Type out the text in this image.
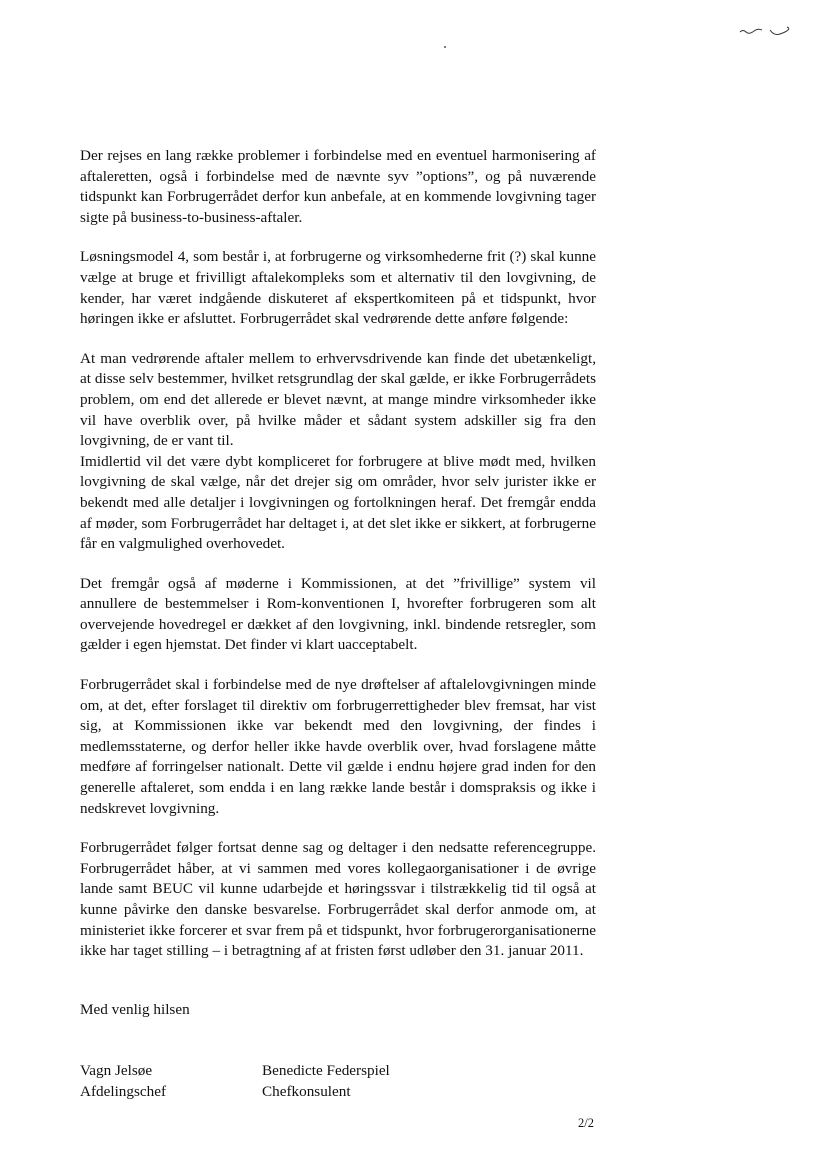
Der rejses en lang række problemer i forbindelse med en eventuel harmonisering af aftaleretten, også i forbindelse med de nævnte syv ”options”, og på nuværende tidspunkt kan Forbrugerrådet derfor kun anbefale, at en kommende lovgivning tager sigte på business-to-business-aftaler.

Løsningsmodel 4, som består i, at forbrugerne og virksomhederne frit (?) skal kunne vælge at bruge et frivilligt aftalekompleks som et alternativ til den lovgivning, de kender, har været indgående diskuteret af ekspertkomiteen på et tidspunkt, hvor høringen ikke er afsluttet. Forbrugerrådet skal vedrørende dette anføre følgende:

At man vedrørende aftaler mellem to erhvervsdrivende kan finde det ubetænkeligt, at disse selv bestemmer, hvilket retsgrundlag der skal gælde, er ikke Forbrugerrådets problem, om end det allerede er blevet nævnt, at mange mindre virksomheder ikke vil have overblik over, på hvilke måder et sådant system adskiller sig fra den lovgivning, de er vant til.

Imidlertid vil det være dybt kompliceret for forbrugere at blive mødt med, hvilken lovgivning de skal vælge, når det drejer sig om områder, hvor selv jurister ikke er bekendt med alle detaljer i lovgivningen og fortolkningen heraf. Det fremgår endda af møder, som Forbrugerrådet har deltaget i, at det slet ikke er sikkert, at forbrugerne får en valgmulighed overhovedet.

Det fremgår også af møderne i Kommissionen, at det ”frivillige” system vil annullere de bestemmelser i Rom-konventionen I, hvorefter forbrugeren som alt overvejende hovedregel er dækket af den lovgivning, inkl. bindende retsregler, som gælder i egen hjemstat. Det finder vi klart uacceptabelt.

Forbrugerrådet skal i forbindelse med de nye drøftelser af aftalelovgivningen minde om, at det, efter forslaget til direktiv om forbrugerrettigheder blev fremsat, har vist sig, at Kommissionen ikke var bekendt med den lovgivning, der findes i medlemsstaterne, og derfor heller ikke havde overblik over, hvad forslagene måtte medføre af forringelser nationalt. Dette vil gælde i endnu højere grad inden for den generelle aftaleret, som endda i en lang række lande består i domspraksis og ikke i nedskrevet lovgivning.

Forbrugerrådet følger fortsat denne sag og deltager i den nedsatte referencegruppe. Forbrugerrådet håber, at vi sammen med vores kollegaorganisationer i de øvrige lande samt BEUC vil kunne udarbejde et høringssvar i tilstrækkelig tid til også at kunne påvirke den danske besvarelse. Forbrugerrådet skal derfor anmode om, at ministeriet ikke forcerer et svar frem på et tidspunkt, hvor forbrugerorganisationerne ikke har taget stilling – i betragtning af at fristen først udløber den 31. januar 2011.

Med venlig hilsen
Vagn Jelsøe
Afdelingschef
Benedicte Federspiel
Chefkonsulent
2/2
